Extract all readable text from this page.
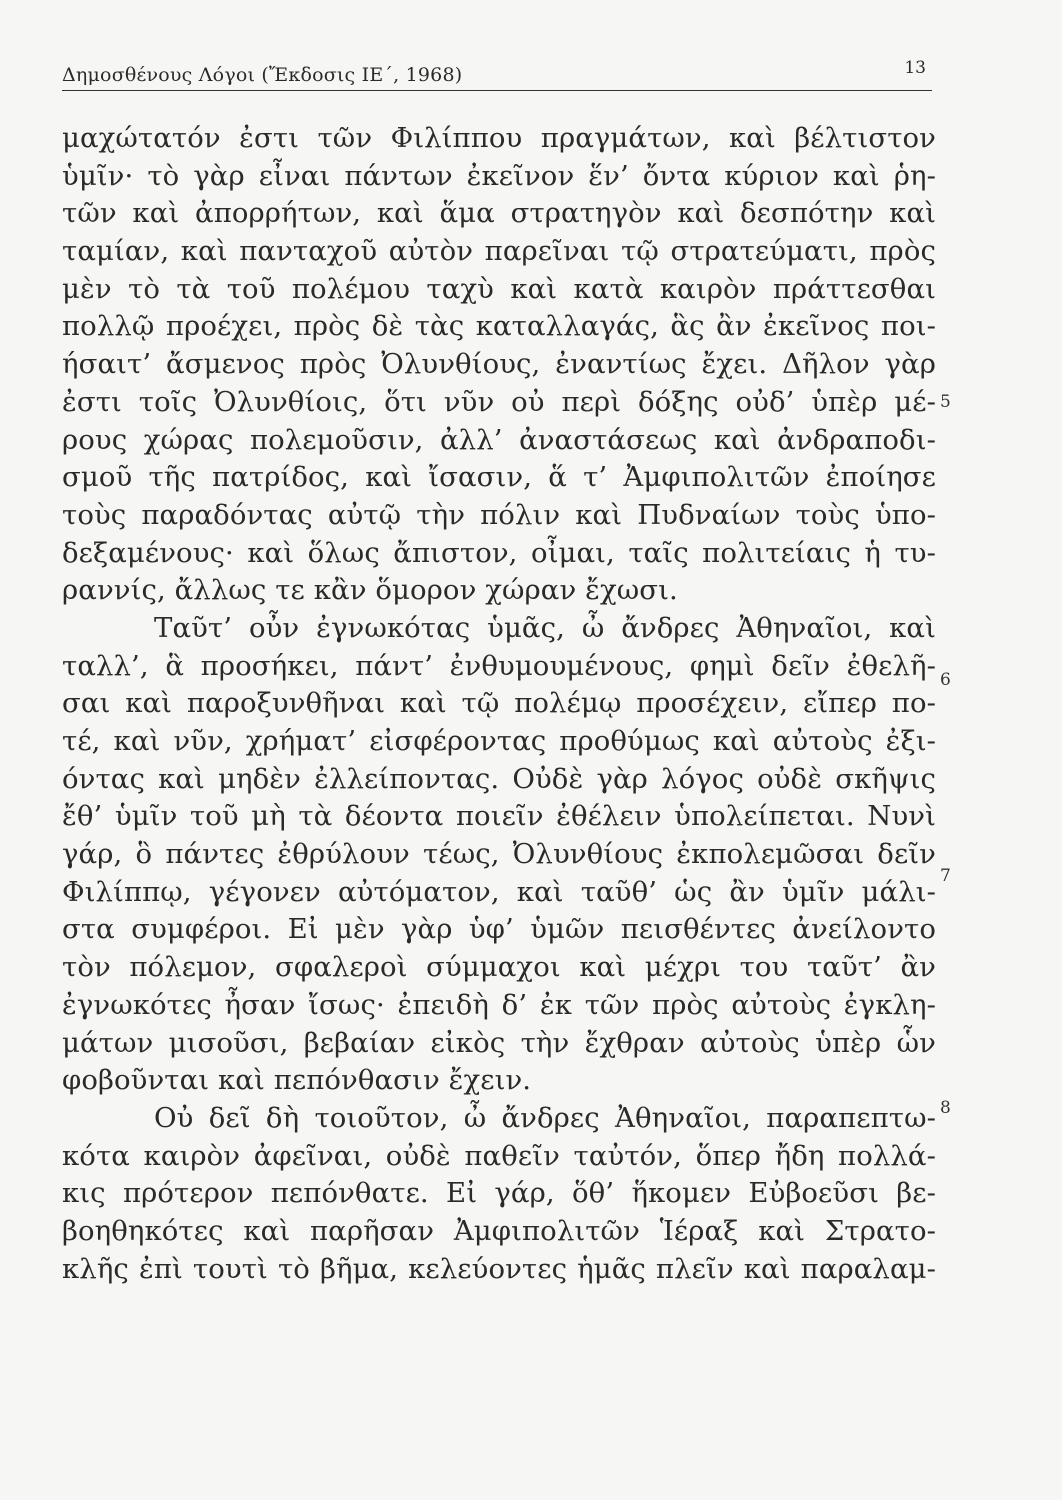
Δημοσθένους Λόγοι (Ἔκδοσις ΙΕ΄, 1968)	13
μαχώτατόν ἐστι τῶν Φιλίππου πραγμάτων, καὶ βέλτιστον
ὑμῖν· τὸ γὰρ εἶναι πάντων ἐκεῖνον ἕν’ ὄντα κύριον καὶ ῥη-
τῶν καὶ ἀπορρήτων, καὶ ἅμα στρατηγὸν καὶ δεσπότην καὶ
ταμίαν, καὶ πανταχοῦ αὐτὸν παρεῖναι τῷ στρατεύματι, πρὸς
μὲν τὸ τὰ τοῦ πολέμου ταχὺ καὶ κατὰ καιρὸν πράττεσθαι
πολλῷ προέχει, πρὸς δὲ τὰς καταλλαγάς, ἃς ἂν ἐκεῖνος ποι-
ήσαιτ’ ἄσμενος πρὸς Ὀλυνθίους, ἐναντίως ἔχει. Δῆλον γὰρ
ἐστι τοῖς Ὀλυνθίοις, ὅτι νῦν οὐ περὶ δόξης οὐδ’ ὑπὲρ μέ-
ρους χώρας πολεμοῦσιν, ἀλλ’ ἀναστάσεως καὶ ἀνδραποδι-
σμοῦ τῆς πατρίδος, καὶ ἴσασιν, ἅ τ’ Ἀμφιπολιτῶν ἐποίησε
τοὺς παραδόντας αὐτῷ τὴν πόλιν καὶ Πυδναίων τοὺς ὑπο-
δεξαμένους· καὶ ὅλως ἄπιστον, οἶμαι, ταῖς πολιτείαις ἡ τυ-
ραννίς, ἄλλως τε κἂν ὅμορον χώραν ἔχωσι.
Ταῦτ’ οὖν ἐγνωκότας ὑμᾶς, ὦ ἄνδρες Ἀθηναῖοι, καὶ
ταλλ’, ἃ προσήκει, πάντ’ ἐνθυμουμένους, φημὶ δεῖν ἐθελῆ-
σαι καὶ παροξυνθῆναι καὶ τῷ πολέμῳ προσέχειν, εἴπερ πο-
τέ, καὶ νῦν, χρήματ’ εἰσφέροντας προθύμως καὶ αὐτοὺς ἐξι-
όντας καὶ μηδὲν ἐλλείποντας. Οὐδὲ γὰρ λόγος οὐδὲ σκῆψις
ἔθ’ ὑμῖν τοῦ μὴ τὰ δέοντα ποιεῖν ἐθέλειν ὑπολείπεται. Νυνὶ
γάρ, ὃ πάντες ἐθρύλουν τέως, Ὀλυνθίους ἐκπολεμῶσαι δεῖν
Φιλίππῳ, γέγονεν αὐτόματον, καὶ ταῦθ’ ὡς ἂν ὑμῖν μάλι-
στα συμφέροι. Εἰ μὲν γὰρ ὑφ’ ὑμῶν πεισθέντες ἀνείλοντο
τὸν πόλεμον, σφαλεροὶ σύμμαχοι καὶ μέχρι του ταῦτ’ ἂν
ἐγνωκότες ἦσαν ἴσως· ἐπειδὴ δ’ ἐκ τῶν πρὸς αὐτοὺς ἐγκλη-
μάτων μισοῦσι, βεβαίαν εἰκὸς τὴν ἔχθραν αὐτοὺς ὑπὲρ ὧν
φοβοῦνται καὶ πεπόνθασιν ἔχειν.
Οὐ δεῖ δὴ τοιοῦτον, ὦ ἄνδρες Ἀθηναῖοι, παραπεπτω-
κότα καιρὸν ἀφεῖναι, οὐδὲ παθεῖν ταὐτόν, ὅπερ ἤδη πολλά-
κις πρότερον πεπόνθατε. Εἰ γάρ, ὅθ’ ἥκομεν Εὐβοεῦσι βε-
βοηθηκότες καὶ παρῆσαν Ἀμφιπολιτῶν Ἱέραξ καὶ Στρατο-
κλῆς ἐπὶ τουτὶ τὸ βῆμα, κελεύοντες ἡμᾶς πλεῖν καὶ παραλαμ-
5
6
7
8
